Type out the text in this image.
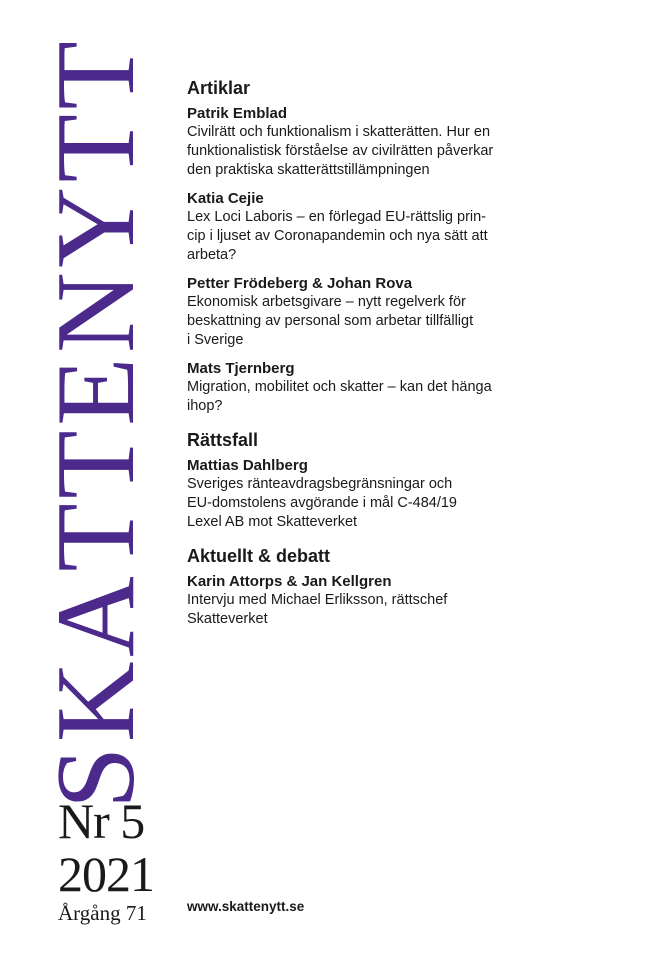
S
K
A
T
T
E
N
Y
T
T
Nr 5
2021
Årgång 71
Artiklar
Patrik Emblad
Civilrätt och funktionalism i skatterätten. Hur en
funktionalistisk förståelse av civilrätten påverkar
den praktiska skatterättstillämpningen
Katia Cejie
Lex Loci Laboris – en förlegad EU-rättslig prin-
cip i ljuset av Coronapandemin och nya sätt att
arbeta?
Petter Frödeberg & Johan Rova
Ekonomisk arbetsgivare – nytt regelverk för
beskattning av personal som arbetar tillfälligt
i Sverige
Mats Tjernberg
Migration, mobilitet och skatter – kan det hänga
ihop?
Rättsfall
Mattias Dahlberg
Sveriges ränteavdragsbegränsningar och
EU-domstolens avgörande i mål C-484/19
Lexel AB mot Skatteverket
Aktuellt & debatt
Karin Attorps & Jan Kellgren
Intervju med Michael Erliksson, rättschef
Skatteverket
www.skattenytt.se
